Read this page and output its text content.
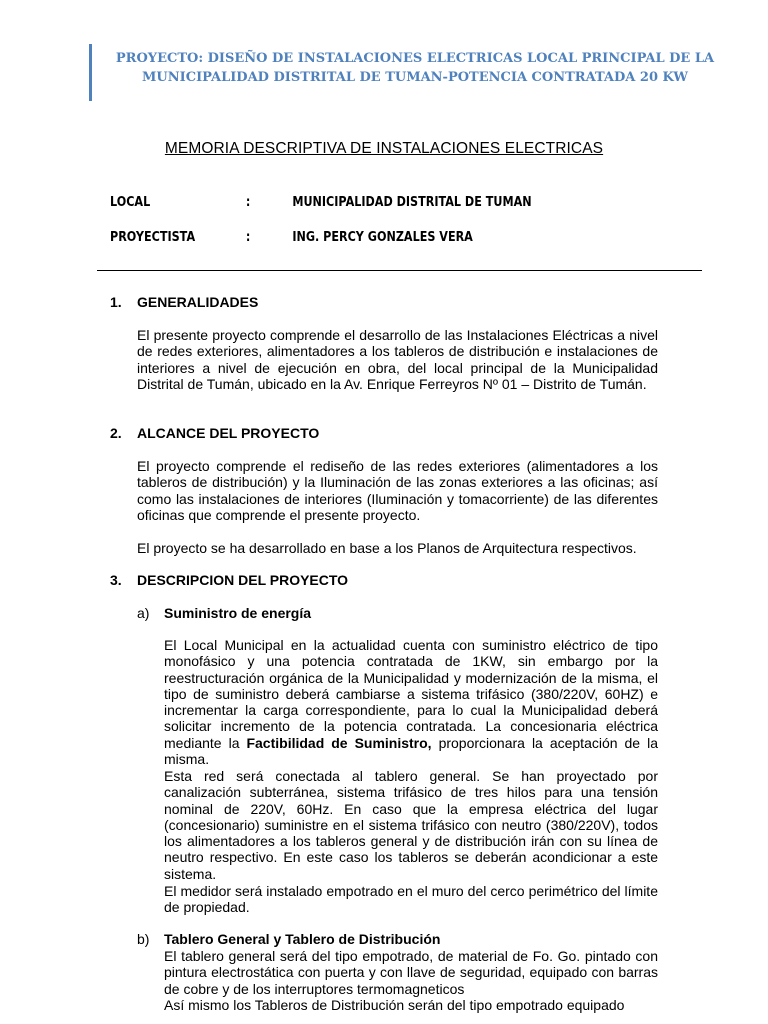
PROYECTO: DISEÑO DE INSTALACIONES ELECTRICAS LOCAL PRINCIPAL DE LA
MUNICIPALIDAD DISTRITAL DE TUMAN-POTENCIA CONTRATADA 20 KW
MEMORIA DESCRIPTIVA DE INSTALACIONES ELECTRICAS
LOCAL	:	MUNICIPALIDAD DISTRITAL DE TUMAN
PROYECTISTA	:	ING. PERCY GONZALES VERA
1. GENERALIDADES
El presente proyecto comprende el desarrollo de las Instalaciones Eléctricas a nivel de redes exteriores, alimentadores a los tableros de distribución e instalaciones de interiores a nivel de ejecución en obra, del local principal de la Municipalidad Distrital de Tumán, ubicado en la Av. Enrique Ferreyros Nº 01 – Distrito de Tumán.
2. ALCANCE DEL PROYECTO
El proyecto comprende el rediseño de las redes exteriores (alimentadores a los tableros de distribución) y la Iluminación de las zonas exteriores a las oficinas; así como las instalaciones de interiores (Iluminación y tomacorriente) de las diferentes oficinas que comprende el presente proyecto.
El proyecto se ha desarrollado en base a los Planos de Arquitectura respectivos.
3. DESCRIPCION DEL PROYECTO
a) Suministro de energía
El Local Municipal en la actualidad cuenta con suministro eléctrico de tipo monofásico y una potencia contratada de 1KW, sin embargo por la reestructuración orgánica de la Municipalidad y modernización de la misma, el tipo de suministro deberá cambiarse a sistema trifásico (380/220V, 60HZ) e incrementar la carga correspondiente, para lo cual la Municipalidad deberá solicitar incremento de la potencia contratada. La concesionaria eléctrica mediante la Factibilidad de Suministro, proporcionara la aceptación de la misma.
Esta red será conectada al tablero general. Se han proyectado por canalización subterránea, sistema trifásico de tres hilos para una tensión nominal de 220V, 60Hz. En caso que la empresa eléctrica del lugar (concesionario) suministre en el sistema trifásico con neutro (380/220V), todos los alimentadores a los tableros general y de distribución irán con su línea de neutro respectivo. En este caso los tableros se deberán acondicionar a este sistema.
El medidor será instalado empotrado en el muro del cerco perimétrico del límite de propiedad.
b) Tablero General y Tablero de Distribución
El tablero general será del tipo empotrado, de material de Fo. Go. pintado con pintura electrostática con puerta y con llave de seguridad, equipado con barras de cobre y de los interruptores termomagneticos
Así mismo los Tableros de Distribución serán del tipo empotrado equipado
